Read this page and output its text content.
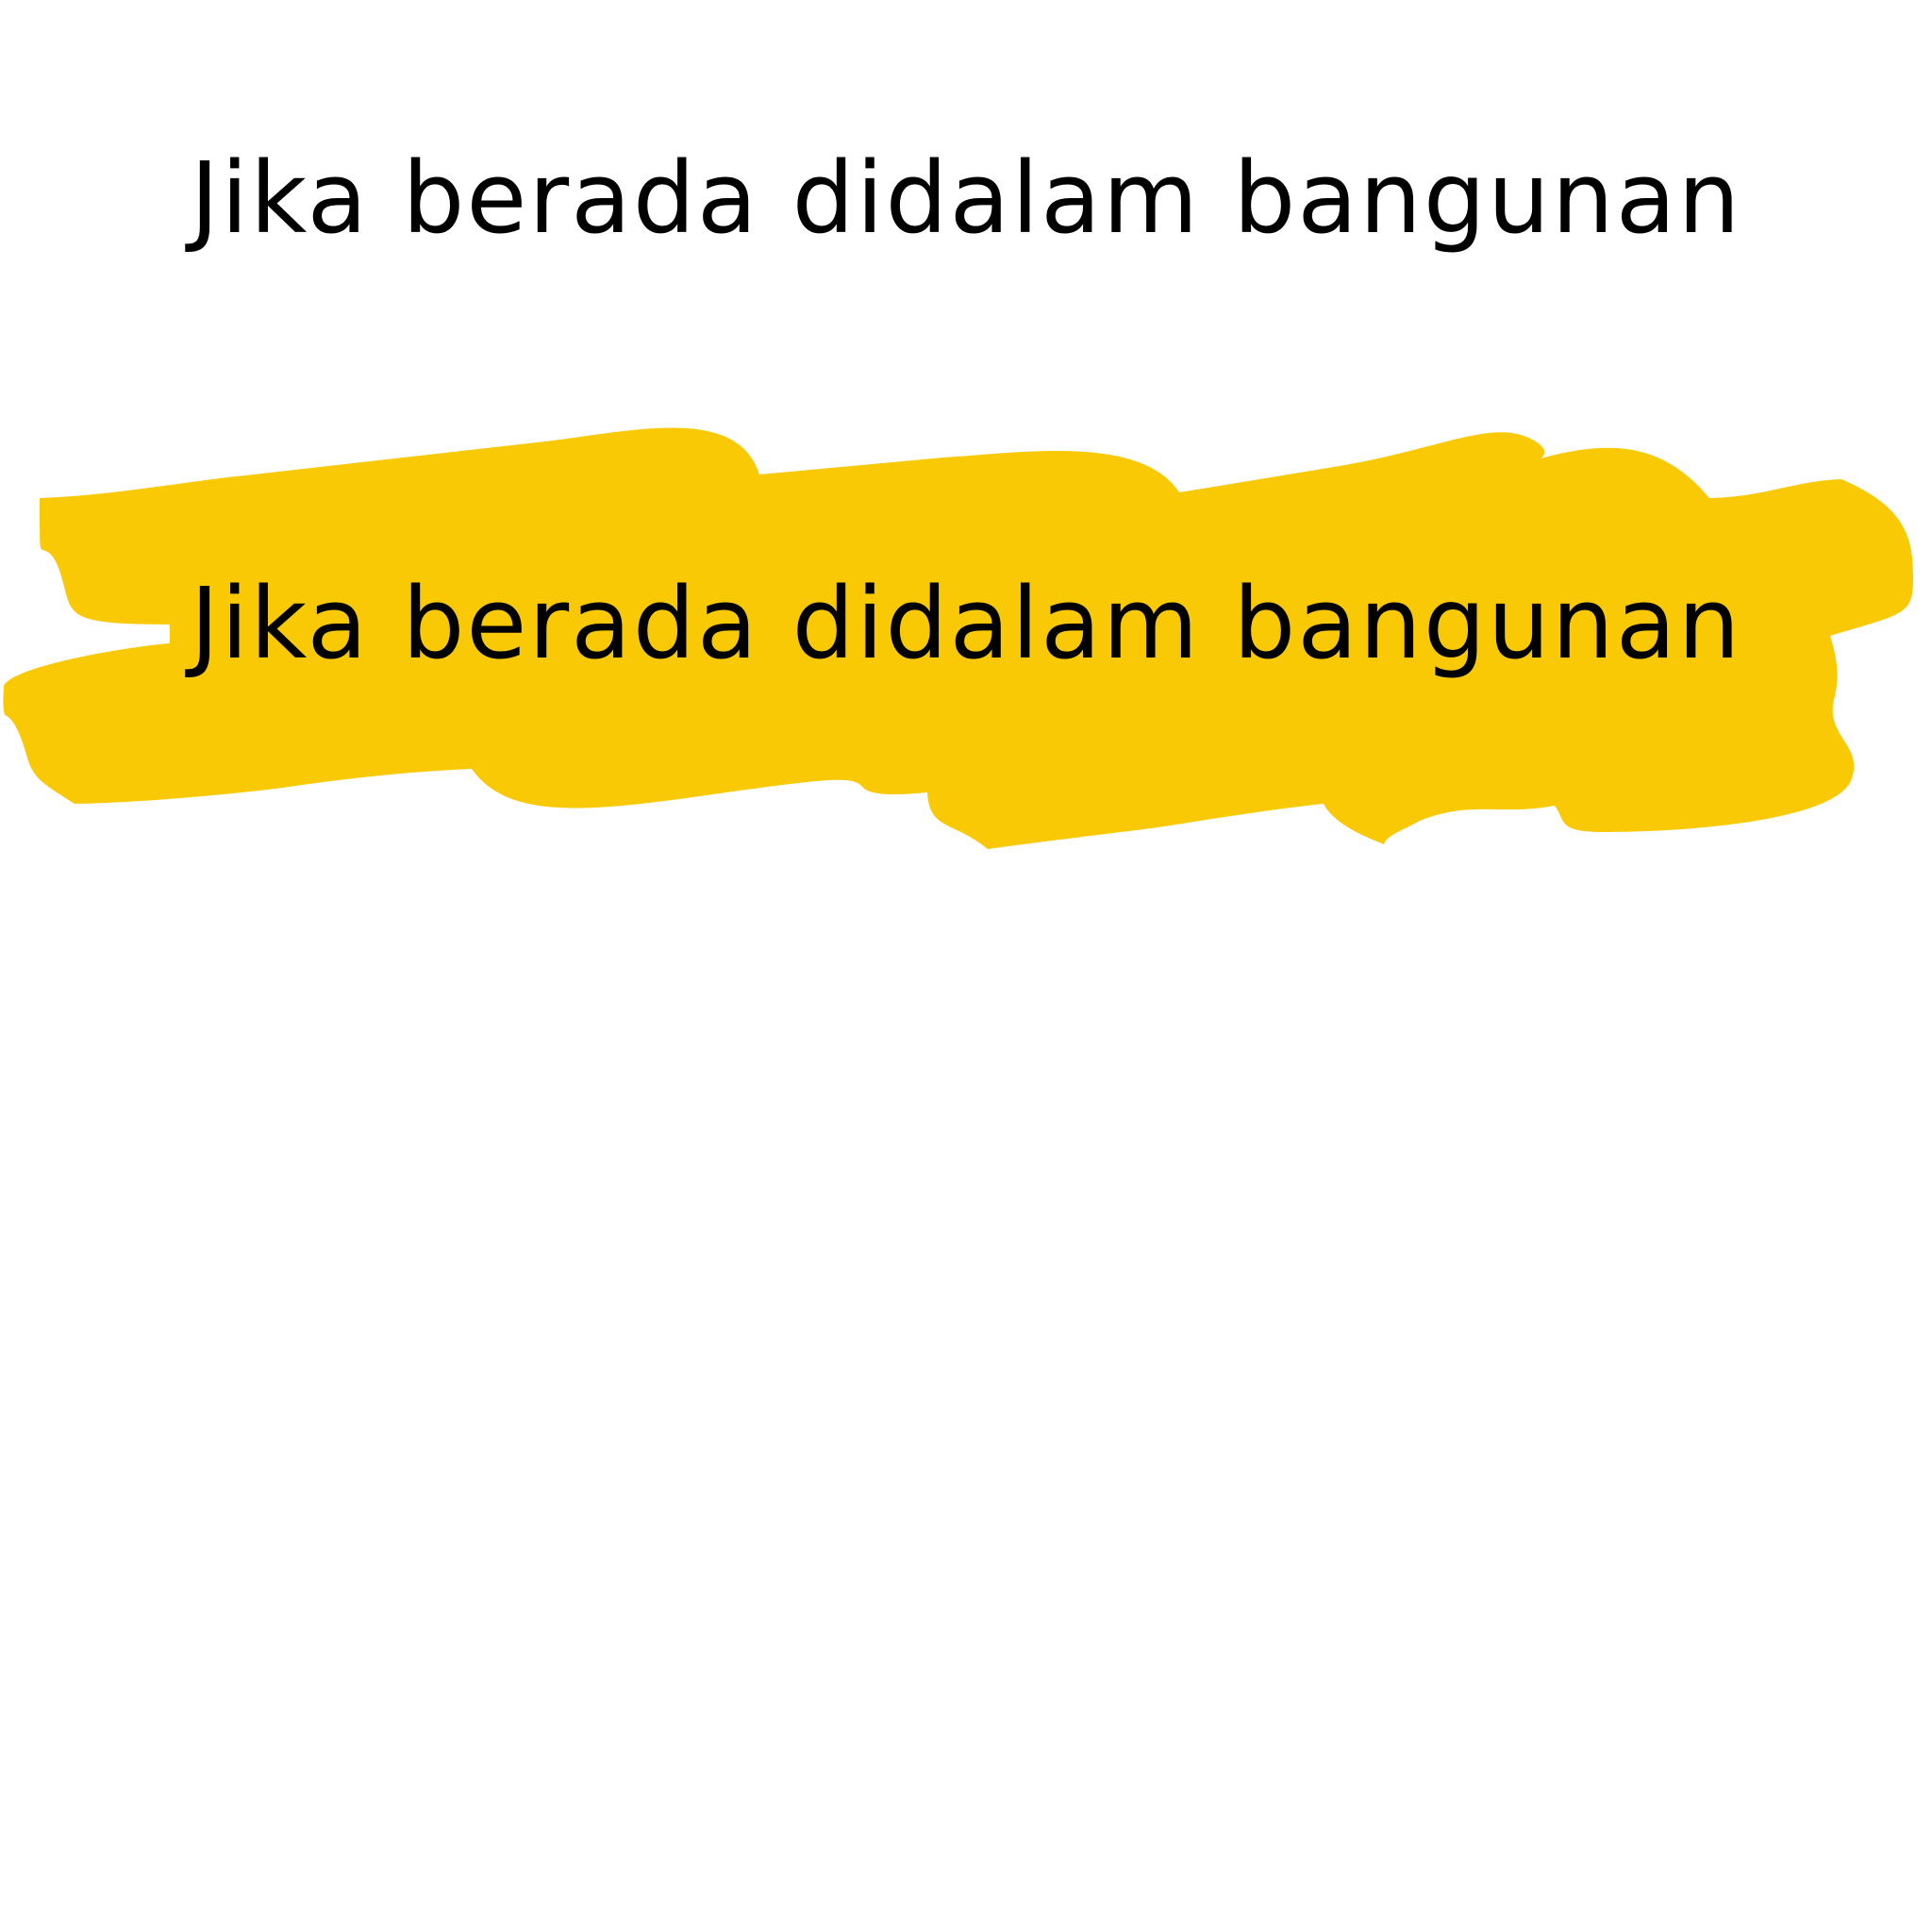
Jika berada didalam bangunan
Jika berada didalam bangunan
